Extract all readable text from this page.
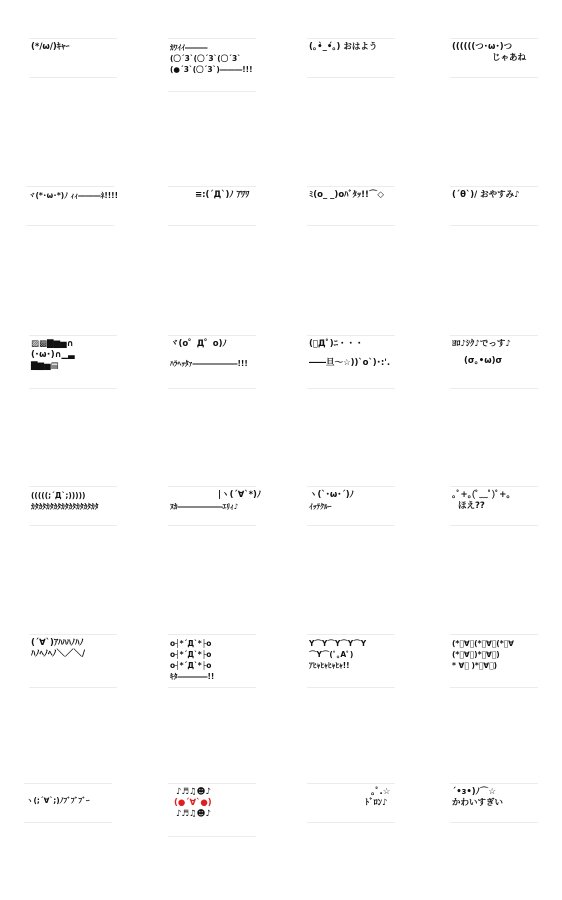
(*/ω/)ｷｬｰ	ｶﾜｲｲ―――
(〇´3`(〇´3`(〇´3`
(●´3`(〇´3`)―――!!!
(｡•̀_•́｡) おはよう	((((((つ･ω･)つ
じゃあね
ヾ(*･ω･*)ﾉ ｨｨ―――ﾈ!!!!	≡:(´Д`)ﾉ ｱﾜﾜ	ﾐ(o_ _)oﾊﾞﾀｯ!!⌒◇	(´θ`)/ おやすみ♪
▨▩▇▆▅∩
(･ω･)∩▁▃
▇▆▅▤
ヾ(o゜Д゜o)ﾉ
ﾊﾗﾍｯﾀｧ――――――!!!
(ﾟДﾟ)ﾆ・・・
――旦～☆))`o`)･:'.
ﾖﾛ♪ｼｸ♪でっす♪
(σ｡•ω)σ
(((((;´Д`;)))))
ｶﾀｶﾀｶﾀｶﾀｶﾀｶﾀｶﾀｶﾀｶﾀ
|ヽ(´∀`*)ﾉ
ﾇｶ――――――ｴﾘｨ♪
ヽ(`･ω･´)ﾉ
ｲｯﾃｸﾙｰ
｡ﾟ+｡(ﾟ﹏ﾟ)ﾟ+｡
ほえ??
(´∀`)ｱﾊﾊﾊﾉﾊﾉ
ﾊﾉﾍﾉﾍﾉ＼／＼/
o┤*´Д`*├o
o┤*´Д`*├o
o┤*´Д`*├o
ｷﾀ――――!!
Y⌒Y⌒Y⌒Y⌒Y
⌒Y⌒(ﾟ｡Aﾟ)
ｱﾋｬﾋｬﾋｬﾋｬ!!
(*ﾟ∀ﾟ(*ﾟ∀ﾟ(*ﾟ∀
(*ﾟ∀ﾟ)*ﾟ∀ﾟ)
* ∀ﾟ )*ﾟ∀ﾟ)
ヽ(;´∀`;)ﾉﾌﾞﾌﾞﾌﾞｰ
♪♬♫☻♪
(●´∀`●)
♪♬♫☻♪
｡ﾟ.☆
ﾄﾞﾛﾝ♪
´•ɜ•)ﾉ⌒☆
かわいすぎい
